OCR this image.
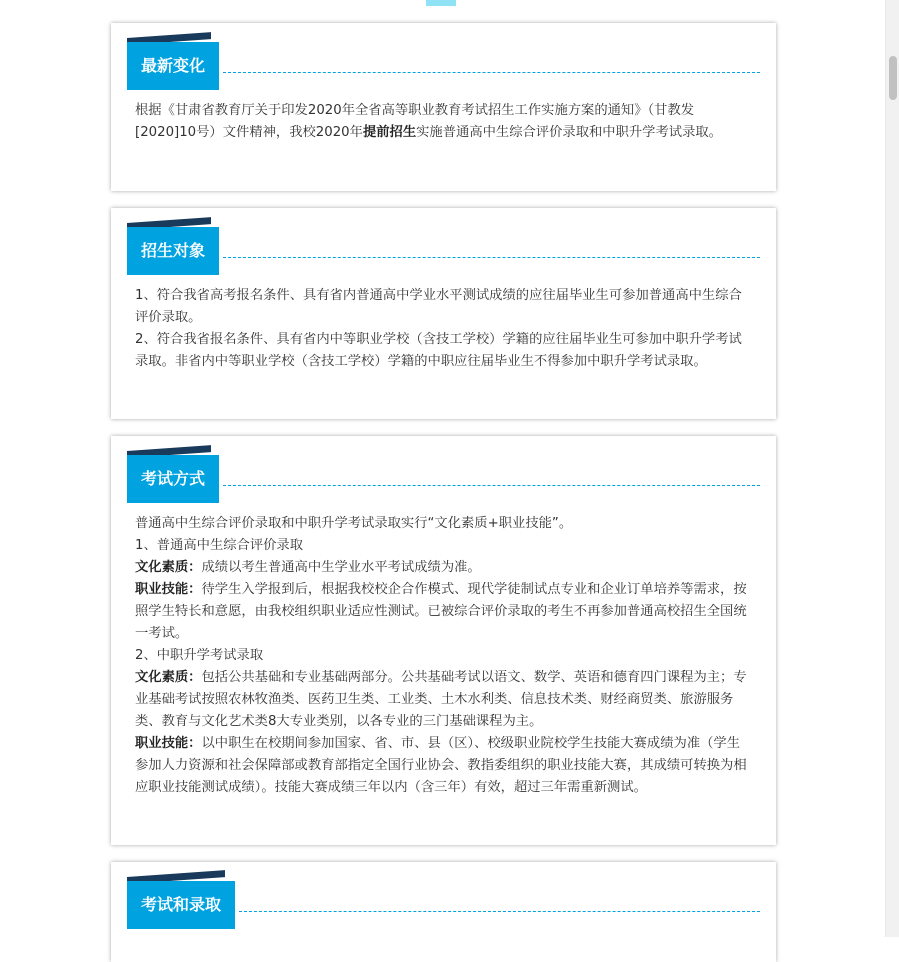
最新变化

根据《甘肃省教育厅关于印发2020年全省高等职业教育考试招生工作实施方案的通知》（甘教发[2020]10号）文件精神，我校2020年提前招生实施普通高中生综合评价录取和中职升学考试录取。

招生对象

1、符合我省高考报名条件、具有省内普通高中学业水平测试成绩的应往届毕业生可参加普通高中生综合评价录取。

2、符合我省报名条件、具有省内中等职业学校（含技工学校）学籍的应往届毕业生可参加中职升学考试录取。非省内中等职业学校（含技工学校）学籍的中职应往届毕业生不得参加中职升学考试录取。

考试方式

普通高中生综合评价录取和中职升学考试录取实行“文化素质+职业技能”。

1、普通高中生综合评价录取

文化素质：成绩以考生普通高中生学业水平考试成绩为准。

职业技能：待学生入学报到后，根据我校校企合作模式、现代学徒制试点专业和企业订单培养等需求，按照学生特长和意愿，由我校组织职业适应性测试。已被综合评价录取的考生不再参加普通高校招生全国统一考试。

2、中职升学考试录取

文化素质：包括公共基础和专业基础两部分。公共基础考试以语文、数学、英语和德育四门课程为主；专业基础考试按照农林牧渔类、医药卫生类、工业类、土木水利类、信息技术类、财经商贸类、旅游服务类、教育与文化艺术类8大专业类别，以各专业的三门基础课程为主。

职业技能：以中职生在校期间参加国家、省、市、县（区）、校级职业院校学生技能大赛成绩为准（学生参加人力资源和社会保障部或教育部指定全国行业协会、教指委组织的职业技能大赛，其成绩可转换为相应职业技能测试成绩）。技能大赛成绩三年以内（含三年）有效，超过三年需重新测试。

考试和录取
